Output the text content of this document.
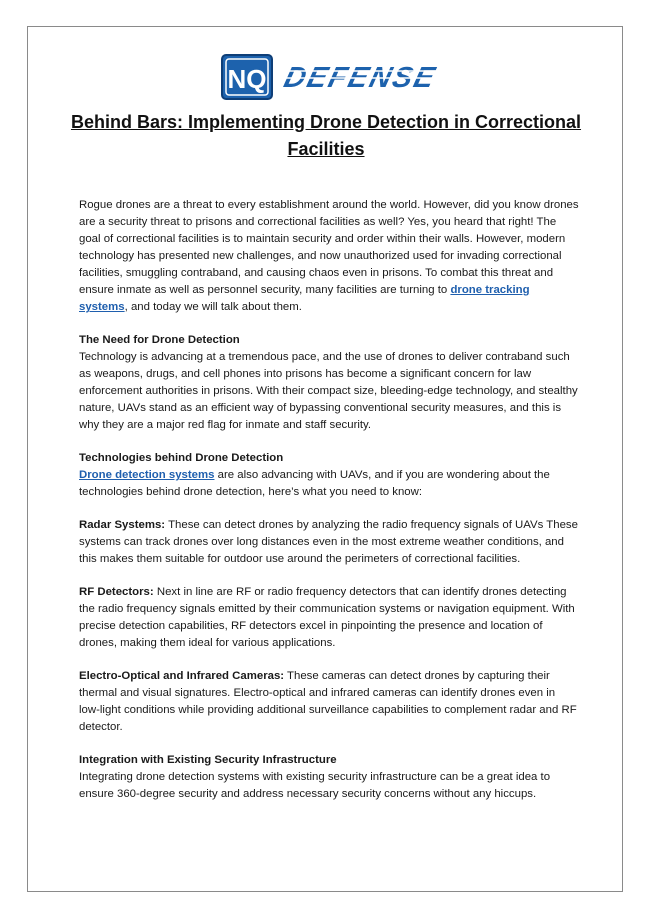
NQ DEFENSE
Behind Bars: Implementing Drone Detection in Correctional Facilities

Rogue drones are a threat to every establishment around the world. However, did you know drones are a security threat to prisons and correctional facilities as well? Yes, you heard that right! The goal of correctional facilities is to maintain security and order within their walls. However, modern technology has presented new challenges, and now unauthorized used for invading correctional facilities, smuggling contraband, and causing chaos even in prisons. To combat this threat and ensure inmate as well as personnel security, many facilities are turning to drone tracking systems, and today we will talk about them.

The Need for Drone Detection
Technology is advancing at a tremendous pace, and the use of drones to deliver contraband such as weapons, drugs, and cell phones into prisons has become a significant concern for law enforcement authorities in prisons. With their compact size, bleeding-edge technology, and stealthy nature, UAVs stand as an efficient way of bypassing conventional security measures, and this is why they are a major red flag for inmate and staff security.

Technologies behind Drone Detection
Drone detection systems are also advancing with UAVs, and if you are wondering about the technologies behind drone detection, here’s what you need to know:

Radar Systems: These can detect drones by analyzing the radio frequency signals of UAVs These systems can track drones over long distances even in the most extreme weather conditions, and this makes them suitable for outdoor use around the perimeters of correctional facilities.

RF Detectors: Next in line are RF or radio frequency detectors that can identify drones detecting the radio frequency signals emitted by their communication systems or navigation equipment. With precise detection capabilities, RF detectors excel in pinpointing the presence and location of drones, making them ideal for various applications.

Electro-Optical and Infrared Cameras: These cameras can detect drones by capturing their thermal and visual signatures. Electro-optical and infrared cameras can identify drones even in low-light conditions while providing additional surveillance capabilities to complement radar and RF detector.

Integration with Existing Security Infrastructure
Integrating drone detection systems with existing security infrastructure can be a great idea to ensure 360-degree security and address necessary security concerns without any hiccups.
